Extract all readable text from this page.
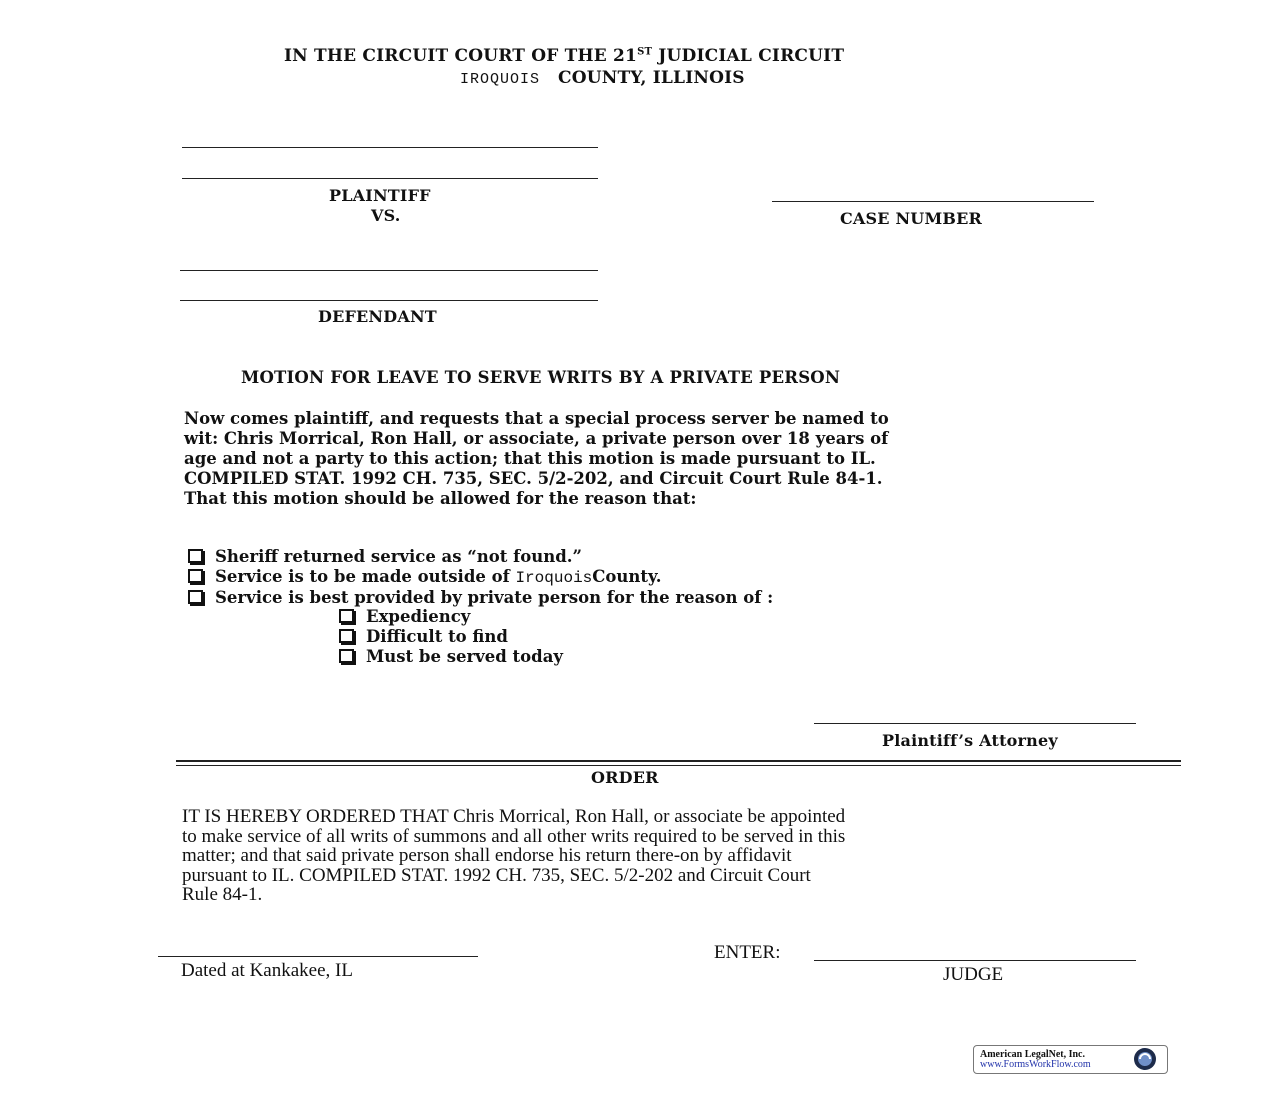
IN THE CIRCUIT COURT OF THE 21ST JUDICIAL CIRCUIT
IROQUOIS COUNTY, ILLINOIS
PLAINTIFF
VS.	CASE NUMBER
DEFENDANT
MOTION FOR LEAVE TO SERVE WRITS BY A PRIVATE PERSON
Now comes plaintiff, and requests that a special process server be named to
wit: Chris Morrical, Ron Hall, or associate, a private person over 18 years of
age and not a party to this action; that this motion is made pursuant to IL.
COMPILED STAT. 1992 CH. 735, SEC. 5/2-202, and Circuit Court Rule 84-1.
That this motion should be allowed for the reason that:
Sheriff returned service as “not found.”
Service is to be made outside of IroquoisCounty.
Service is best provided by private person for the reason of :
Expediency
Difficult to find
Must be served today
Plaintiff’s Attorney
ORDER
IT IS HEREBY ORDERED THAT Chris Morrical, Ron Hall, or associate be appointed
to make service of all writs of summons and all other writs required to be served in this
matter; and that said private person shall endorse his return there-on by affidavit
pursuant to IL. COMPILED STAT. 1992 CH. 735, SEC. 5/2-202 and Circuit Court
Rule 84-1.
Dated at Kankakee, IL
ENTER:
JUDGE
American LegalNet, Inc.
www.FormsWorkFlow.com
